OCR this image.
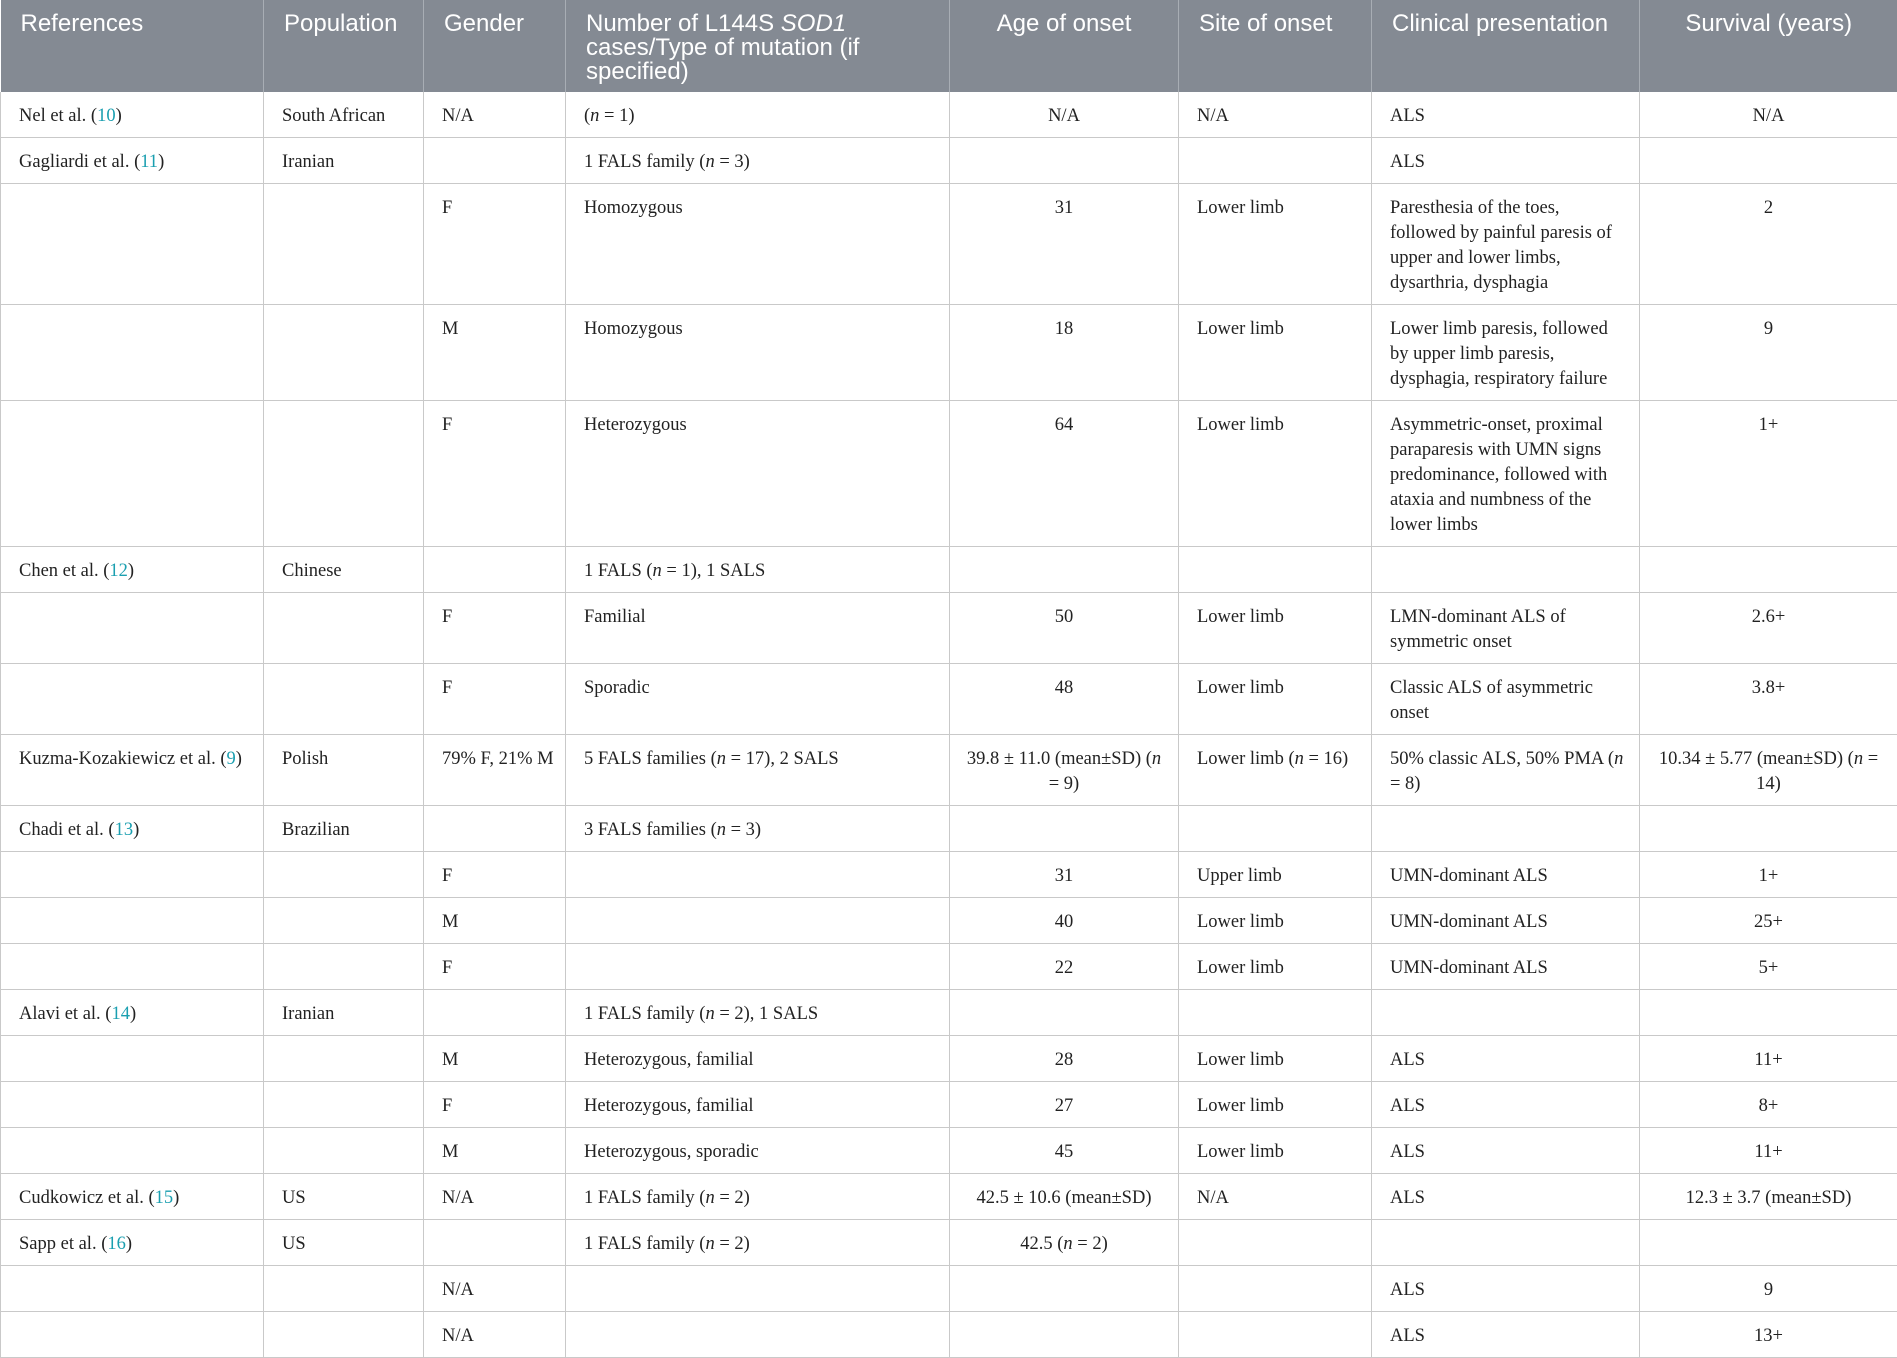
References	Population	Gender	Number of L144S SOD1 cases/Type of mutation (if specified)	Age of onset	Site of onset	Clinical presentation	Survival (years)
Nel et al. (10)	South African	N/A	(n = 1)	N/A	N/A	ALS	N/A
Gagliardi et al. (11)	Iranian		1 FALS family (n = 3)			ALS	
		F	Homozygous	31	Lower limb	Paresthesia of the toes, followed by painful paresis of upper and lower limbs, dysarthria, dysphagia	2
		M	Homozygous	18	Lower limb	Lower limb paresis, followed by upper limb paresis, dysphagia, respiratory failure	9
		F	Heterozygous	64	Lower limb	Asymmetric-onset, proximal paraparesis with UMN signs predominance, followed with ataxia and numbness of the lower limbs	1+
Chen et al. (12)	Chinese		1 FALS (n = 1), 1 SALS				
		F	Familial	50	Lower limb	LMN-dominant ALS of symmetric onset	2.6+
		F	Sporadic	48	Lower limb	Classic ALS of asymmetric onset	3.8+
Kuzma-Kozakiewicz et al. (9)	Polish	79% F, 21% M	5 FALS families (n = 17), 2 SALS	39.8 ± 11.0 (mean±SD) (n = 9)	Lower limb (n = 16)	50% classic ALS, 50% PMA (n = 8)	10.34 ± 5.77 (mean±SD) (n = 14)
Chadi et al. (13)	Brazilian		3 FALS families (n = 3)				
		F		31	Upper limb	UMN-dominant ALS	1+
		M		40	Lower limb	UMN-dominant ALS	25+
		F		22	Lower limb	UMN-dominant ALS	5+
Alavi et al. (14)	Iranian		1 FALS family (n = 2), 1 SALS				
		M	Heterozygous, familial	28	Lower limb	ALS	11+
		F	Heterozygous, familial	27	Lower limb	ALS	8+
		M	Heterozygous, sporadic	45	Lower limb	ALS	11+
Cudkowicz et al. (15)	US	N/A	1 FALS family (n = 2)	42.5 ± 10.6 (mean±SD)	N/A	ALS	12.3 ± 3.7 (mean±SD)
Sapp et al. (16)	US		1 FALS family (n = 2)	42.5 (n = 2)			
		N/A				ALS	9
		N/A				ALS	13+
